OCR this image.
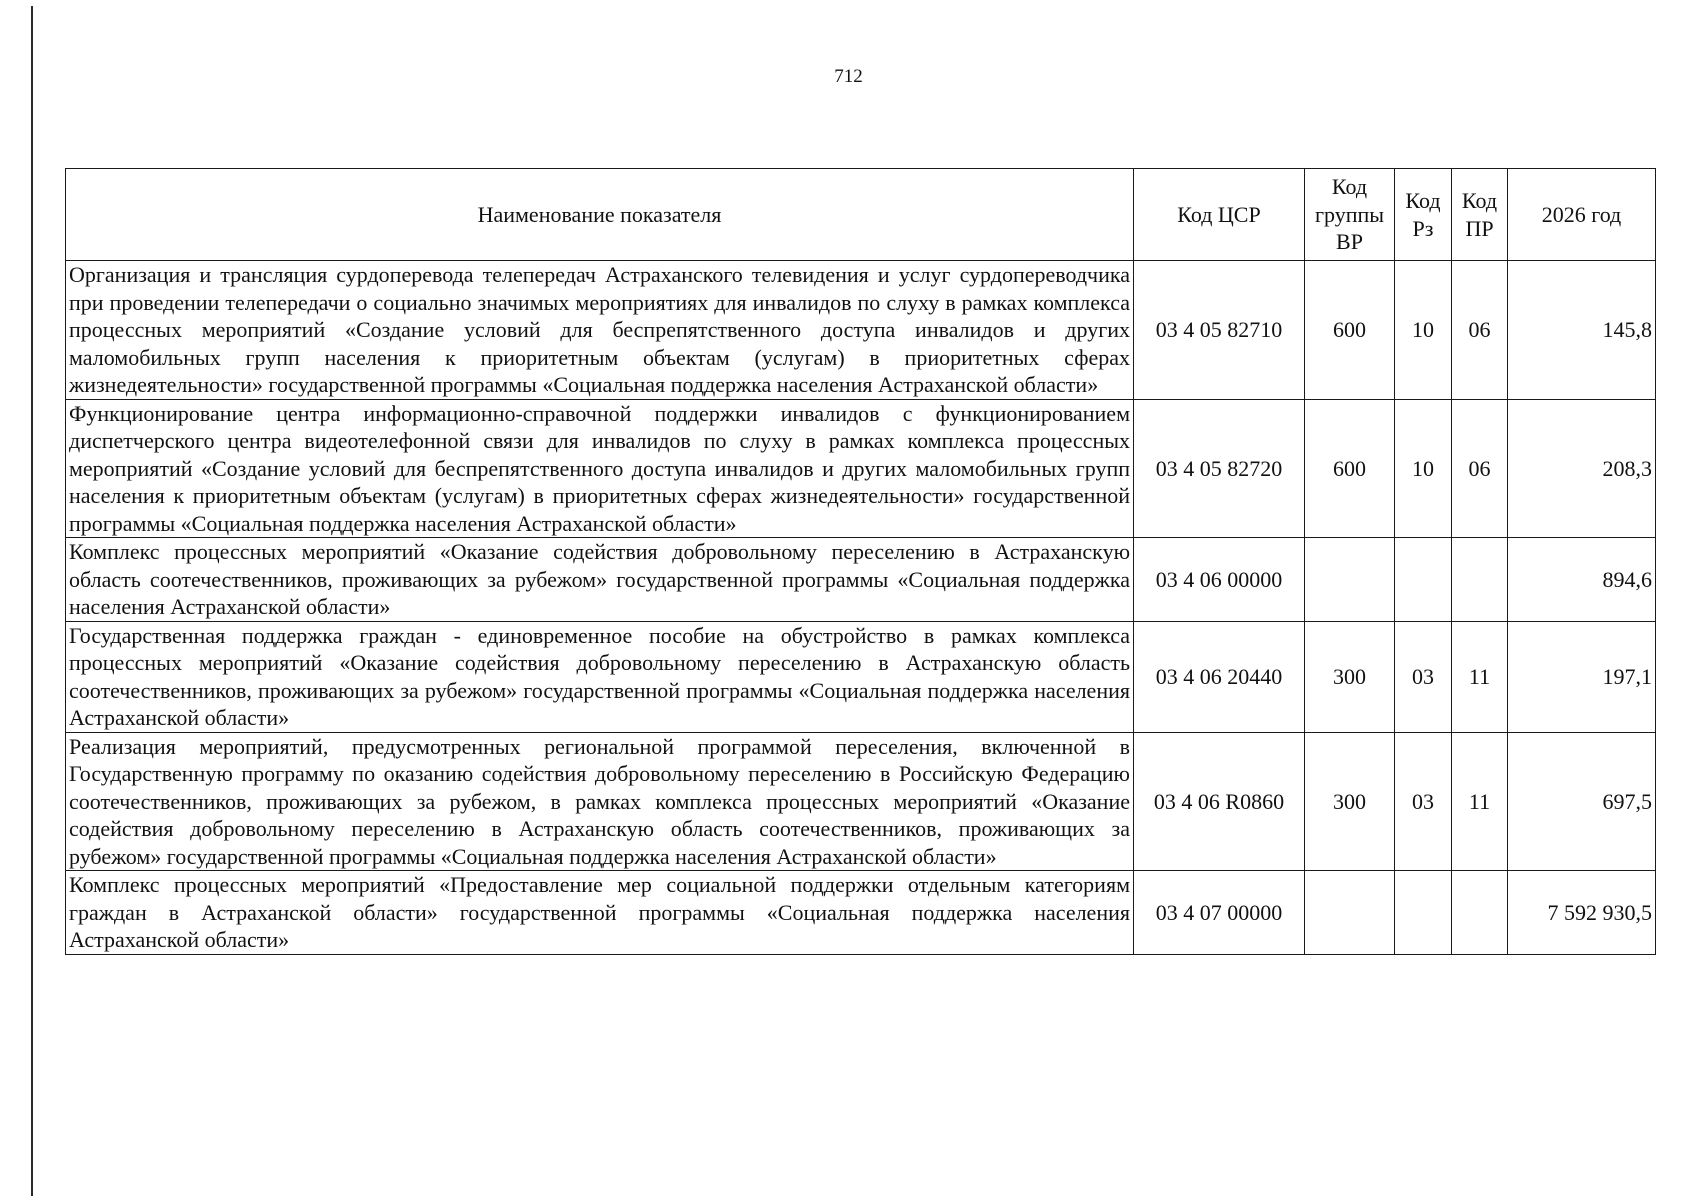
712
Наименование показателя	Код ЦСР	Код группы ВР	Код Рз	Код ПР	2026 год
Организация и трансляция сурдоперевода телепередач Астраханского телевидения и услуг сурдопереводчика при проведении телепередачи о социально значимых мероприятиях для инвалидов по слуху в рамках комплекса процессных мероприятий «Создание условий для беспрепятственного доступа инвалидов и других маломобильных групп населения к приоритетным объектам (услугам) в приоритетных сферах жизнедеятельности» государственной программы «Социальная поддержка населения Астраханской области»	03 4 05 82710	600	10	06	145,8
Функционирование центра информационно-справочной поддержки инвалидов с функционированием диспетчерского центра видеотелефонной связи для инвалидов по слуху в рамках комплекса процессных мероприятий «Создание условий для беспрепятственного доступа инвалидов и других маломобильных групп населения к приоритетным объектам (услугам) в приоритетных сферах жизнедеятельности» государственной программы «Социальная поддержка населения Астраханской области»	03 4 05 82720	600	10	06	208,3
Комплекс процессных мероприятий «Оказание содействия добровольному переселению в Астраханскую область соотечественников, проживающих за рубежом» государственной программы «Социальная поддержка населения Астраханской области»	03 4 06 00000				894,6
Государственная поддержка граждан - единовременное пособие на обустройство в рамках комплекса процессных мероприятий «Оказание содействия добровольному переселению в Астраханскую область соотечественников, проживающих за рубежом» государственной программы «Социальная поддержка населения Астраханской области»	03 4 06 20440	300	03	11	197,1
Реализация мероприятий, предусмотренных региональной программой переселения, включенной в Государственную программу по оказанию содействия добровольному переселению в Российскую Федерацию соотечественников, проживающих за рубежом, в рамках комплекса процессных мероприятий «Оказание содействия добровольному переселению в Астраханскую область соотечественников, проживающих за рубежом» государственной программы «Социальная поддержка населения Астраханской области»	03 4 06 R0860	300	03	11	697,5
Комплекс процессных мероприятий «Предоставление мер социальной поддержки отдельным категориям граждан в Астраханской области» государственной программы «Социальная поддержка населения Астраханской области»	03 4 07 00000				7 592 930,5
